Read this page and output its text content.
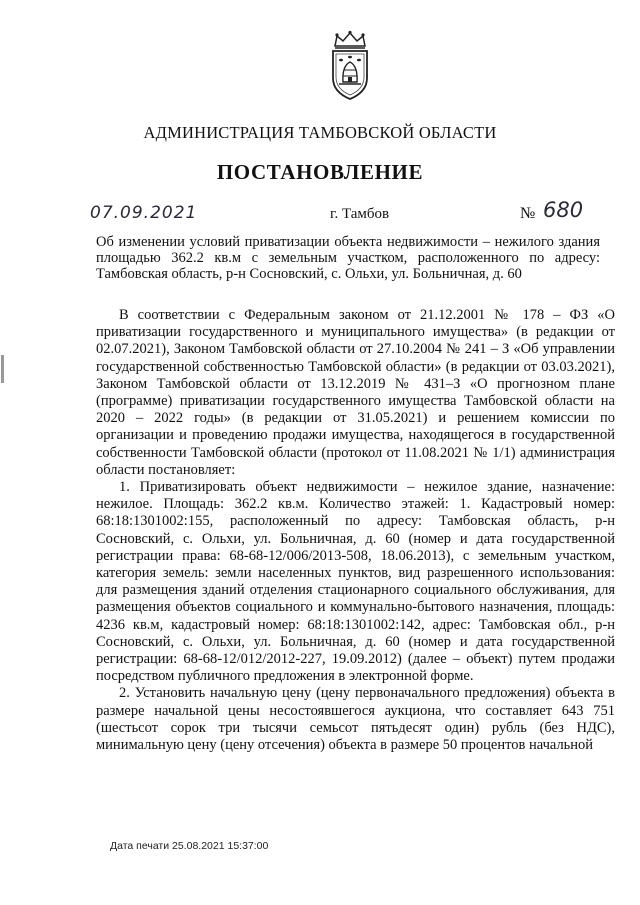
АДМИНИСТРАЦИЯ ТАМБОВСКОЙ ОБЛАСТИ
ПОСТАНОВЛЕНИЕ
07.09.2021	г. Тамбов	№ 680
Об изменении условий приватизации объекта недвижимости – нежилого здания площадью 362.2 кв.м с земельным участком, расположенного по адресу: Тамбовская область, р-н Сосновский, с. Ольхи, ул. Больничная, д. 60

В соответствии с Федеральным законом от 21.12.2001 № 178 – ФЗ «О приватизации государственного и муниципального имущества» (в редакции от 02.07.2021), Законом Тамбовской области от 27.10.2004 № 241 – З «Об управлении государственной собственностью Тамбовской области» (в редакции от 03.03.2021), Законом Тамбовской области от 13.12.2019 № 431–З «О прогнозном плане (программе) приватизации государственного имущества Тамбовской области на 2020 – 2022 годы» (в редакции от 31.05.2021) и решением комиссии по организации и проведению продажи имущества, находящегося в государственной собственности Тамбовской области (протокол от 11.08.2021 № 1/1) администрация области постановляет:

1. Приватизировать объект недвижимости – нежилое здание, назначение: нежилое. Площадь: 362.2 кв.м. Количество этажей: 1. Кадастровый номер: 68:18:1301002:155, расположенный по адресу: Тамбовская область, р-н Сосновский, с. Ольхи, ул. Больничная, д. 60 (номер и дата государственной регистрации права: 68-68-12/006/2013-508, 18.06.2013), с земельным участком, категория земель: земли населенных пунктов, вид разрешенного использования: для размещения зданий отделения стационарного социального обслуживания, для размещения объектов социального и коммунально-бытового назначения, площадь: 4236 кв.м, кадастровый номер: 68:18:1301002:142, адрес: Тамбовская обл., р-н Сосновский, с. Ольхи, ул. Больничная, д. 60 (номер и дата государственной регистрации: 68-68-12/012/2012-227, 19.09.2012) (далее – объект) путем продажи посредством публичного предложения в электронной форме.

2. Установить начальную цену (цену первоначального предложения) объекта в размере начальной цены несостоявшегося аукциона, что составляет 643 751 (шестьсот сорок три тысячи семьсот пятьдесят один) рубль (без НДС), минимальную цену (цену отсечения) объекта в размере 50 процентов начальной

Дата печати 25.08.2021 15:37:00
